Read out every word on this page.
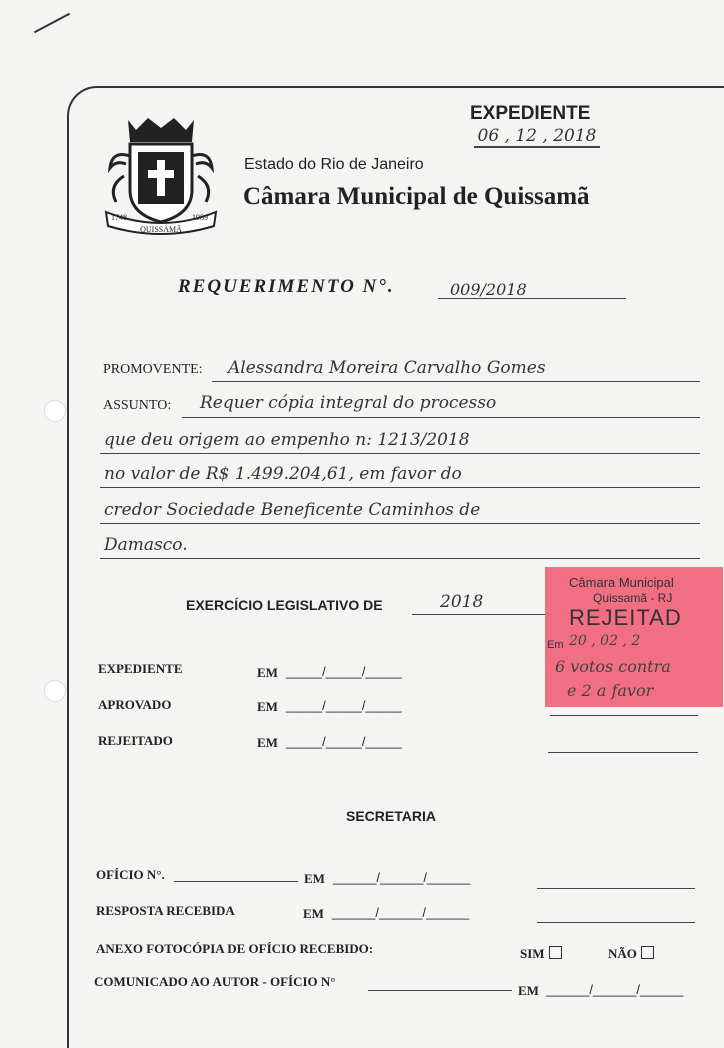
EXPEDIENTE
06 , 12 , 2018
1748
QUISSAMÃ
1989
Estado do Rio de Janeiro
Câmara Municipal de Quissamã
REQUERIMENTO N°.	009/2018
PROMOVENTE: Alessandra Moreira Carvalho Gomes
ASSUNTO: Requer cópia integral do processo
que deu origem ao empenho n: 1213/2018
no valor de R$ 1.499.204,61, em favor do
credor Sociedade Beneficente Caminhos de
Damasco.
EXERCÍCIO LEGISLATIVO DE	2018
EXPEDIENTE	EM _____/_____/_____
APROVADO	EM _____/_____/_____
REJEITADO	EM _____/_____/_____
Câmara Municipal
Quissamã - RJ
REJEITAD
Em 20 , 02 , 2
6 votos contra
e 2 a favor
SECRETARIA
OFÍCIO N°.	EM ______/______/______
RESPOSTA RECEBIDA	EM ______/______/______
ANEXO FOTOCÓPIA DE OFÍCIO RECEBIDO:	SIM	NÃO
COMUNICADO AO AUTOR - OFÍCIO N°
EM ______/______/______
